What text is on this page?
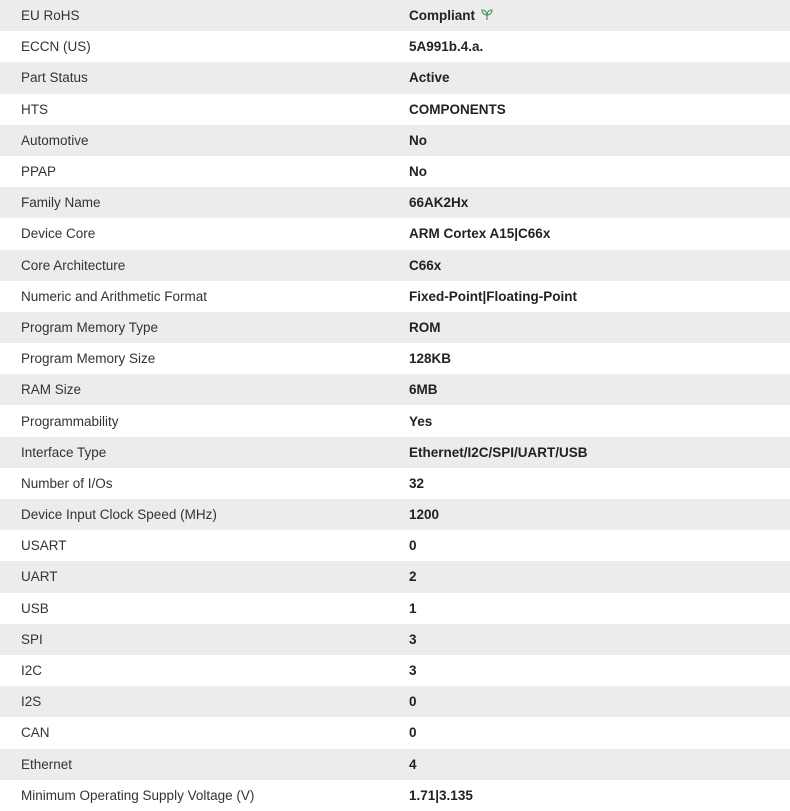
EU RoHS	Compliant
ECCN (US)	5A991b.4.a.
Part Status	Active
HTS	COMPONENTS
Automotive	No
PPAP	No
Family Name	66AK2Hx
Device Core	ARM Cortex A15|C66x
Core Architecture	C66x
Numeric and Arithmetic Format	Fixed-Point|Floating-Point
Program Memory Type	ROM
Program Memory Size	128KB
RAM Size	6MB
Programmability	Yes
Interface Type	Ethernet/I2C/SPI/UART/USB
Number of I/Os	32
Device Input Clock Speed (MHz)	1200
USART	0
UART	2
USB	1
SPI	3
I2C	3
I2S	0
CAN	0
Ethernet	4
Minimum Operating Supply Voltage (V)	1.71|3.135
